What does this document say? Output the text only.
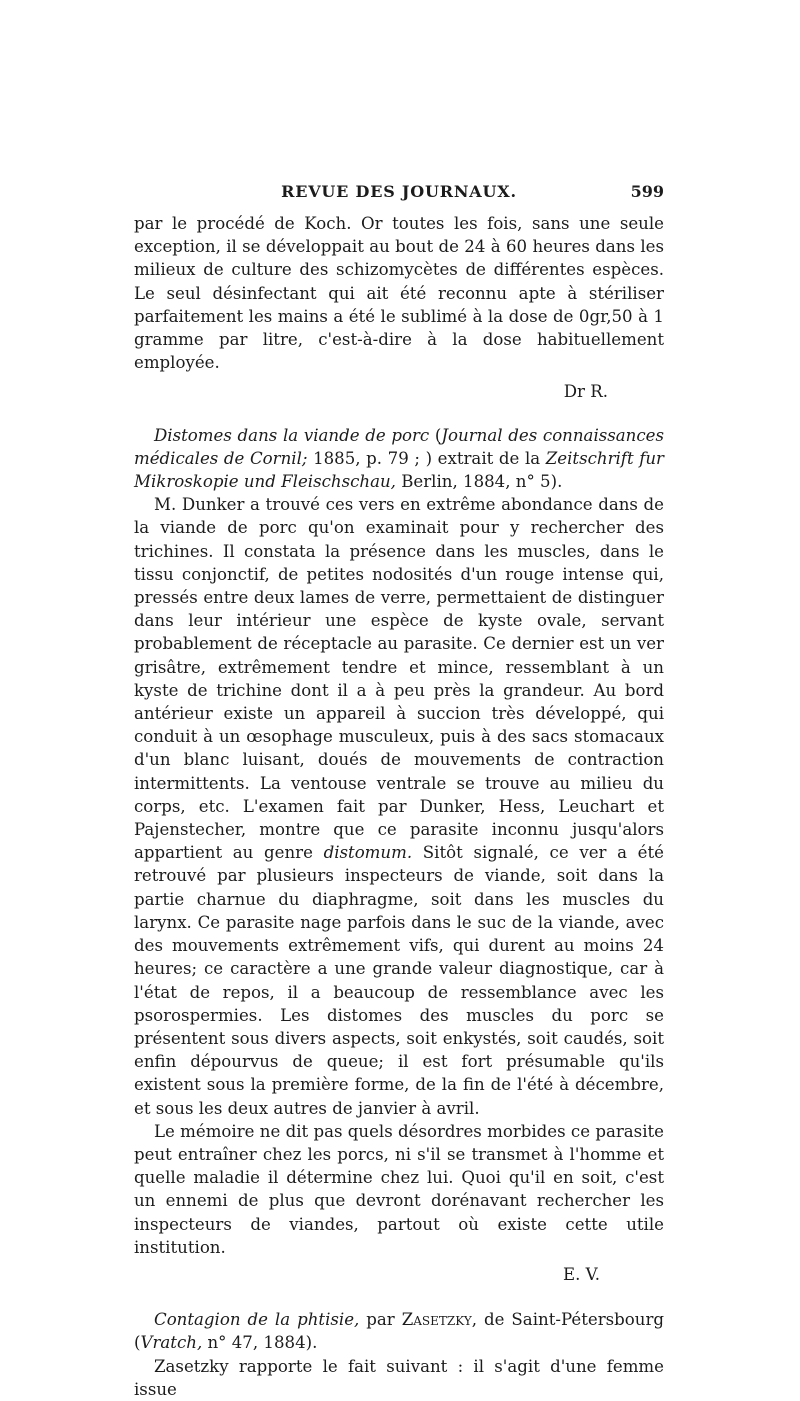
REVUE DES JOURNAUX.	599

par le procédé de Koch. Or toutes les fois, sans une seule exception, il se développait au bout de 24 à 60 heures dans les milieux de culture des schizomycètes de différentes espèces. Le seul désinfectant qui ait été reconnu apte à stériliser parfaitement les mains a été le sublimé à la dose de 0gr,50 à 1 gramme par litre, c'est-à-dire à la dose habituellement employée.

Dr R.

Distomes dans la viande de porc (Journal des connaissances médicales de Cornil; 1885, p. 79 ; ) extrait de la Zeitschrift fur Mikroskopie und Fleischschau, Berlin, 1884, n° 5).

M. Dunker a trouvé ces vers en extrême abondance dans de la viande de porc qu'on examinait pour y rechercher des trichines. Il constata la présence dans les muscles, dans le tissu conjonctif, de petites nodosités d'un rouge intense qui, pressés entre deux lames de verre, permettaient de distinguer dans leur intérieur une espèce de kyste ovale, servant probablement de réceptacle au parasite. Ce dernier est un ver grisâtre, extrêmement tendre et mince, ressemblant à un kyste de trichine dont il a à peu près la grandeur. Au bord antérieur existe un appareil à succion très développé, qui conduit à un œsophage musculeux, puis à des sacs stomacaux d'un blanc luisant, doués de mouvements de contraction intermittents. La ventouse ventrale se trouve au milieu du corps, etc. L'examen fait par Dunker, Hess, Leuchart et Pajenstecher, montre que ce parasite inconnu jusqu'alors appartient au genre distomum. Sitôt signalé, ce ver a été retrouvé par plusieurs inspecteurs de viande, soit dans la partie charnue du diaphragme, soit dans les muscles du larynx. Ce parasite nage parfois dans le suc de la viande, avec des mouvements extrêmement vifs, qui durent au moins 24 heures; ce caractère a une grande valeur diagnostique, car à l'état de repos, il a beaucoup de ressemblance avec les psorospermies. Les distomes des muscles du porc se présentent sous divers aspects, soit enkystés, soit caudés, soit enfin dépourvus de queue; il est fort présumable qu'ils existent sous la première forme, de la fin de l'été à décembre, et sous les deux autres de janvier à avril.

Le mémoire ne dit pas quels désordres morbides ce parasite peut entraîner chez les porcs, ni s'il se transmet à l'homme et quelle maladie il détermine chez lui. Quoi qu'il en soit, c'est un ennemi de plus que devront dorénavant rechercher les inspecteurs de viandes, partout où existe cette utile institution.

E. V.

Contagion de la phtisie, par Zasetzky, de Saint-Pétersbourg (Vratch, n° 47, 1884).

Zasetzky rapporte le fait suivant : il s'agit d'une femme issue
